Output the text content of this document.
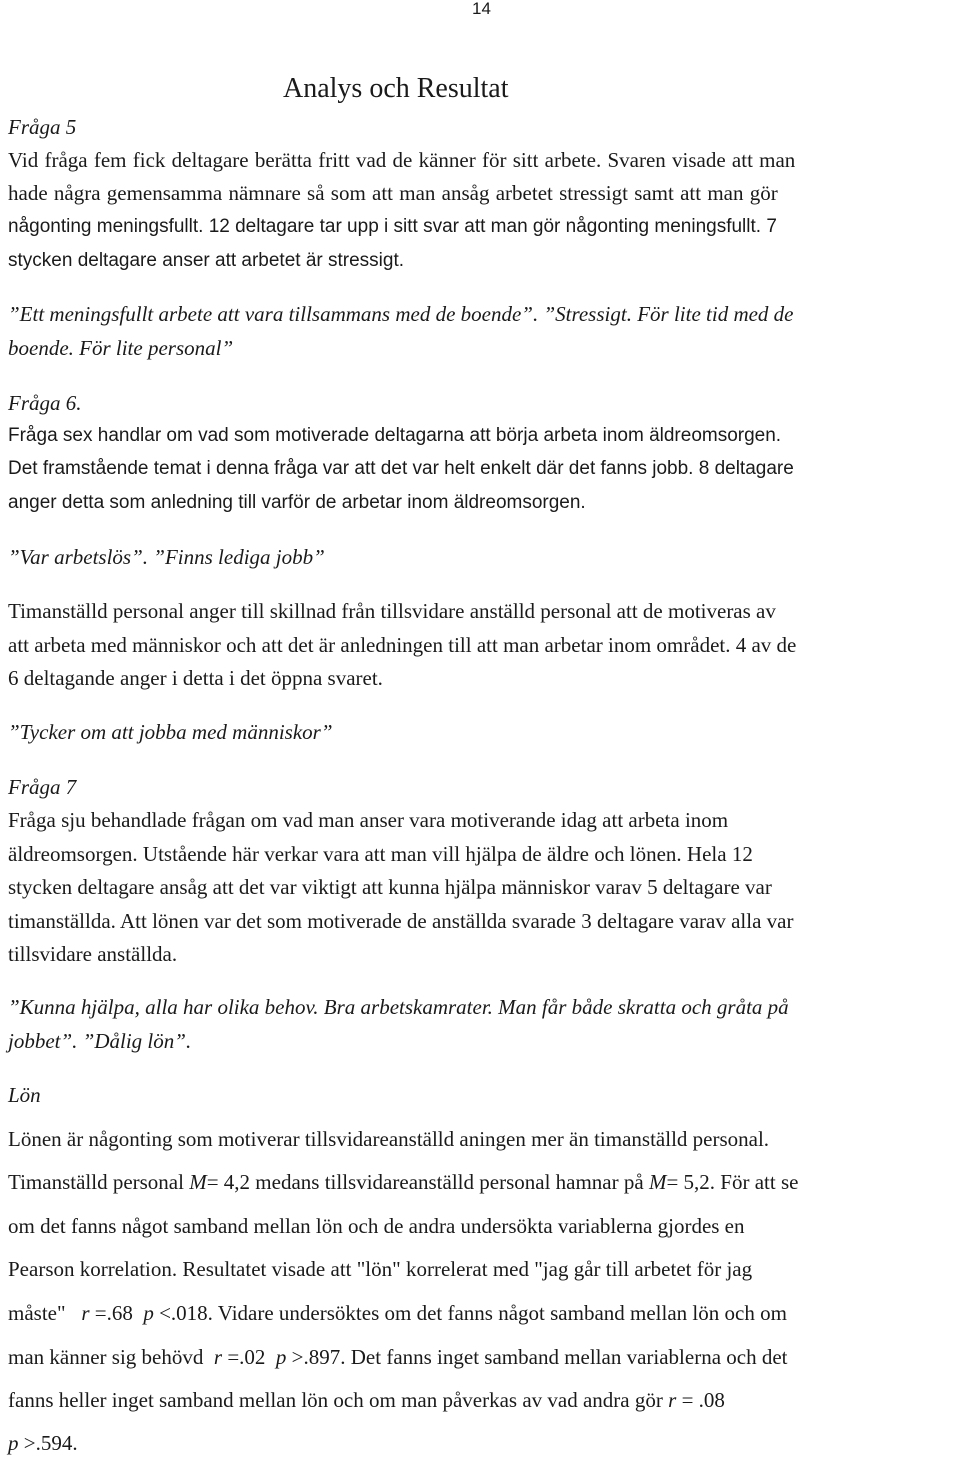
14
Analys och Resultat
Fråga 5
Vid fråga fem fick deltagare berätta fritt vad de känner för sitt arbete. Svaren visade att man
hade några gemensamma nämnare så som att man ansåg arbetet stressigt samt att man gör
någonting meningsfullt. 12 deltagare tar upp i sitt svar att man gör någonting meningsfullt. 7
stycken deltagare anser att arbetet är stressigt.
”Ett meningsfullt arbete att vara tillsammans med de boende”. ”Stressigt. För lite tid med de
boende. För lite personal”
Fråga 6.
Fråga sex handlar om vad som motiverade deltagarna att börja arbeta inom äldreomsorgen.
Det framstående temat i denna fråga var att det var helt enkelt där det fanns jobb. 8 deltagare
anger detta som anledning till varför de arbetar inom äldreomsorgen.
”Var arbetslös”. ”Finns lediga jobb”
Timanställd personal anger till skillnad från tillsvidare anställd personal att de motiveras av
att arbeta med människor och att det är anledningen till att man arbetar inom området. 4 av de
6 deltagande anger i detta i det öppna svaret.
”Tycker om att jobba med människor”
Fråga 7
Fråga sju behandlade frågan om vad man anser vara motiverande idag att arbeta inom
äldreomsorgen. Utstående här verkar vara att man vill hjälpa de äldre och lönen. Hela 12
stycken deltagare ansåg att det var viktigt att kunna hjälpa människor varav 5 deltagare var
timanställda. Att lönen var det som motiverade de anställda svarade 3 deltagare varav alla var
tillsvidare anställda.
”Kunna hjälpa, alla har olika behov. Bra arbetskamrater. Man får både skratta och gråta på
jobbet”. ”Dålig lön”.
Lön
Lönen är någonting som motiverar tillsvidareanställd aningen mer än timanställd personal.
Timanställd personal M= 4,2 medans tillsvidareanställd personal hamnar på M= 5,2. För att se
om det fanns något samband mellan lön och de andra undersökta variablerna gjordes en
Pearson korrelation. Resultatet visade att "lön" korrelerat med "jag går till arbetet för jag
måste"   r =.68  p <.018. Vidare undersöktes om det fanns något samband mellan lön och om
man känner sig behövd  r =.02  p >.897. Det fanns inget samband mellan variablerna och det
fanns heller inget samband mellan lön och om man påverkas av vad andra gör r = .08
p >.594.
